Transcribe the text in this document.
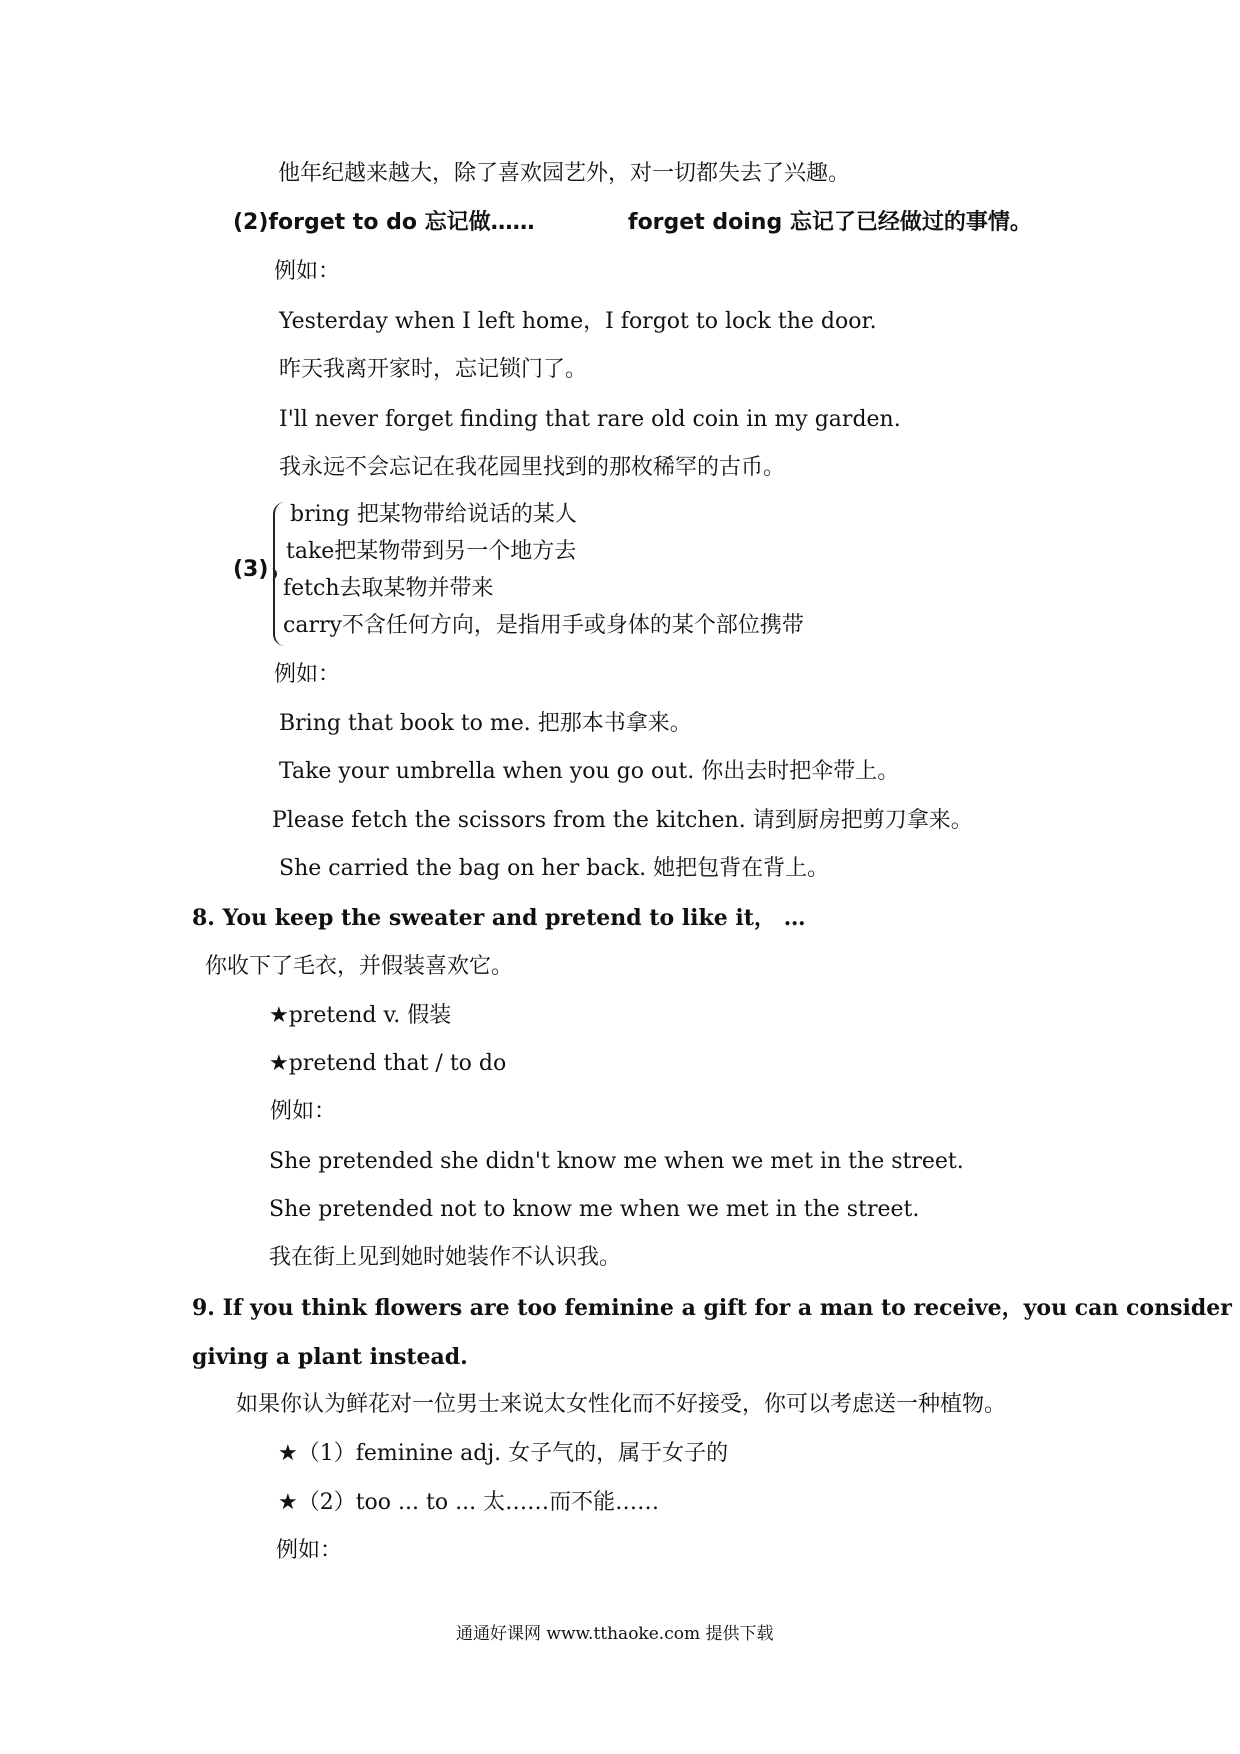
他年纪越来越大，除了喜欢园艺外，对一切都失去了兴趣。
(2)forget to do 忘记做……	forget doing 忘记了已经做过的事情。
例如：
Yesterday when I left home，I forgot to lock the door.
昨天我离开家时，忘记锁门了。
I'll never forget finding that rare old coin in my garden.
我永远不会忘记在我花园里找到的那枚稀罕的古币。
(3)
bring 把某物带给说话的某人
take把某物带到另一个地方去
fetch去取某物并带来
carry不含任何方向，是指用手或身体的某个部位携带
例如：
Bring that book to me. 把那本书拿来。
Take your umbrella when you go out. 你出去时把伞带上。
Please fetch the scissors from the kitchen. 请到厨房把剪刀拿来。
She carried the bag on her back. 她把包背在背上。
8. You keep the sweater and pretend to like it， …
你收下了毛衣，并假装喜欢它。
★pretend v. 假装
★pretend that / to do
例如：
She pretended she didn't know me when we met in the street.
She pretended not to know me when we met in the street.
我在街上见到她时她装作不认识我。
9. If you think flowers are too feminine a gift for a man to receive，you can consider
giving a plant instead.
如果你认为鲜花对一位男士来说太女性化而不好接受，你可以考虑送一种植物。
★（1）feminine adj. 女子气的，属于女子的
★（2）too ... to ... 太……而不能……
例如：
通通好课网 www.tthaoke.com 提供下载
